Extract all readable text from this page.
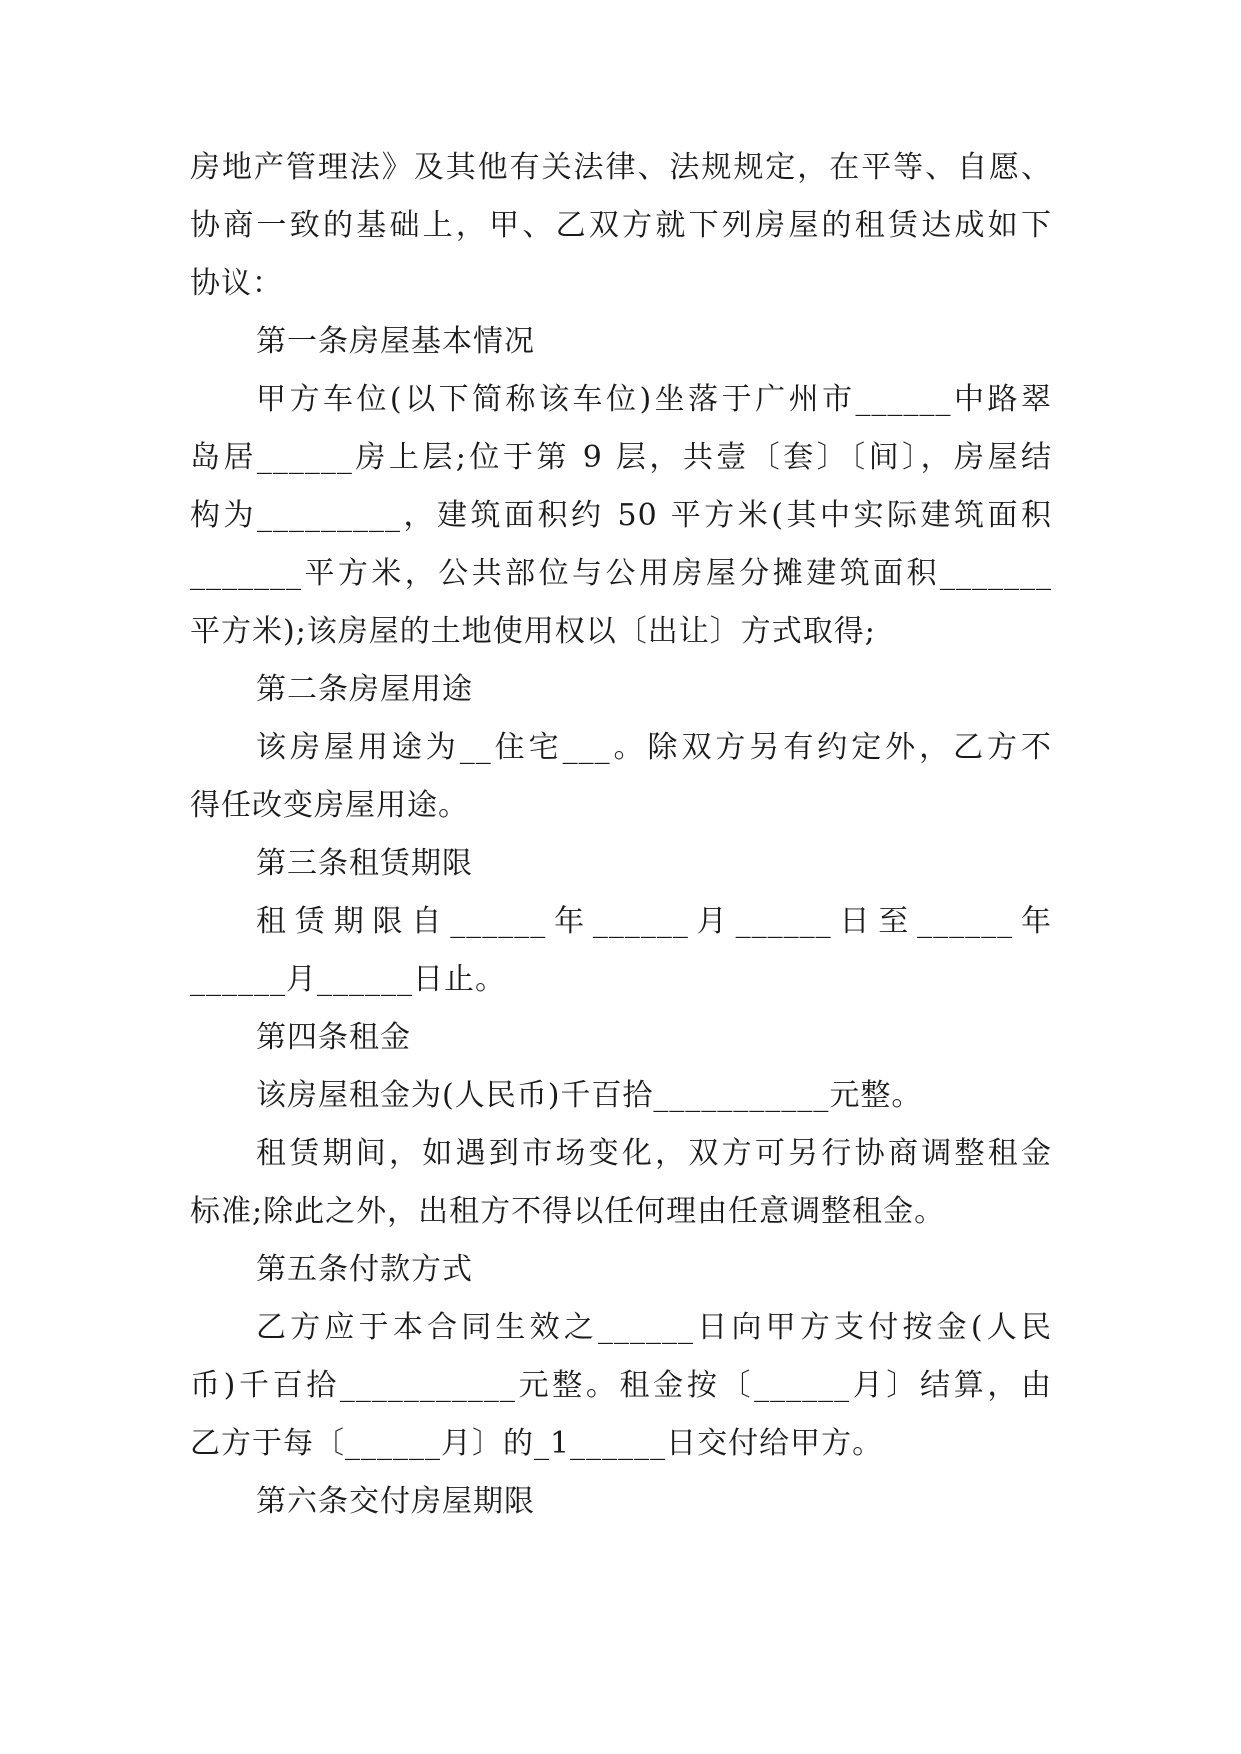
房地产管理法》及其他有关法律、法规规定，在平等、自愿、
协商一致的基础上，甲、乙双方就下列房屋的租赁达成如下
协议：
第一条房屋基本情况
甲方车位(以下简称该车位)坐落于广州市______中路翠
岛居______房上层;位于第 9 层，共壹〔套〕〔间〕，房屋结
构为_________，建筑面积约 50 平方米(其中实际建筑面积
_______平方米，公共部位与公用房屋分摊建筑面积_______
平方米);该房屋的土地使用权以〔出让〕方式取得;
第二条房屋用途
该房屋用途为__住宅___。除双方另有约定外，乙方不
得任改变房屋用途。
第三条租赁期限
租赁期限自______年______月______日至______年
______月______日止。
第四条租金
该房屋租金为(人民币)千百拾___________元整。
租赁期间，如遇到市场变化，双方可另行协商调整租金
标准;除此之外，出租方不得以任何理由任意调整租金。
第五条付款方式
乙方应于本合同生效之______日向甲方支付按金(人民
币)千百拾___________元整。租金按〔______月〕结算，由
乙方于每〔______月〕的_1______日交付给甲方。
第六条交付房屋期限
